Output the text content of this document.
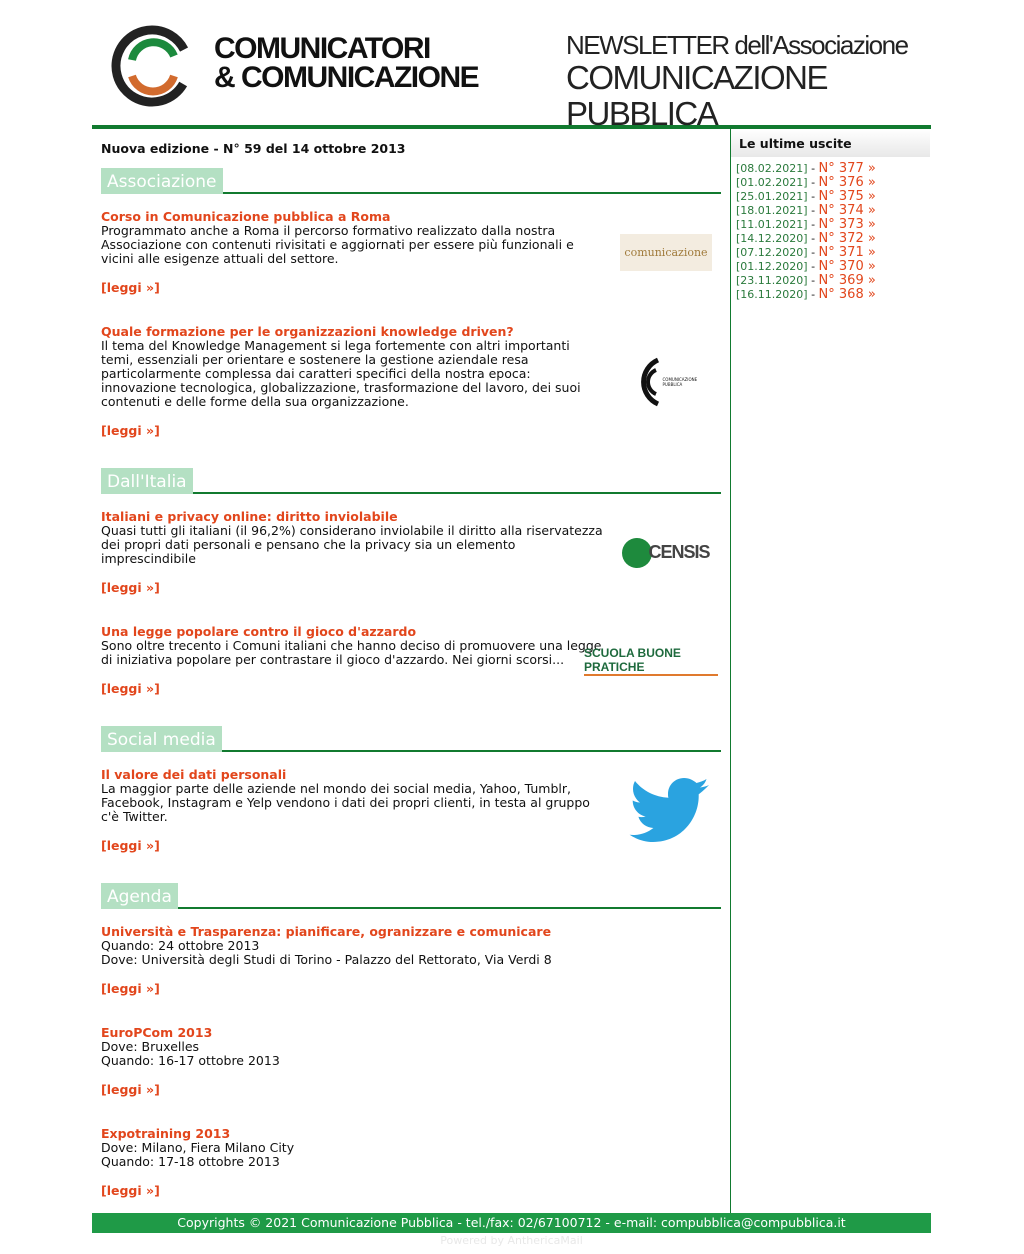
COMUNICATORI
& COMUNICAZIONE
NEWSLETTER dell'Associazione
COMUNICAZIONE PUBBLICA
Nuova edizione - N° 59 del 14 ottobre 2013
Associazione
Corso in Comunicazione pubblica a Roma
Programmato anche a Roma il percorso formativo realizzato dalla nostra Associazione con contenuti rivisitati e aggiornati per essere più funzionali e vicini alle esigenze attuali del settore.
[leggi »]
comunicazione
Quale formazione per le organizzazioni knowledge driven?
Il tema del Knowledge Management si lega fortemente con altri importanti temi, essenziali per orientare e sostenere la gestione aziendale resa particolarmente complessa dai caratteri specifici della nostra epoca: innovazione tecnologica, globalizzazione, trasformazione del lavoro, dei suoi contenuti e delle forme della sua organizzazione.
[leggi »]
COMUNICAZIONE PUBBLICA
Dall'Italia
Italiani e privacy online: diritto inviolabile
Quasi tutti gli italiani (il 96,2%) considerano inviolabile il diritto alla riservatezza dei propri dati personali e pensano che la privacy sia un elemento imprescindibile
[leggi »]
CENSIS
Una legge popolare contro il gioco d'azzardo
Sono oltre trecento i Comuni italiani che hanno deciso di promuovere una legge di iniziativa popolare per contrastare il gioco d'azzardo. Nei giorni scorsi...
[leggi »]
SCUOLA BUONE PRATICHE
Social media
Il valore dei dati personali
La maggior parte delle aziende nel mondo dei social media, Yahoo, Tumblr, Facebook, Instagram e Yelp vendono i dati dei propri clienti, in testa al gruppo c'è Twitter.
[leggi »]
Agenda
Università e Trasparenza: pianificare, ogranizzare e comunicare
Quando: 24 ottobre 2013
Dove: Università degli Studi di Torino - Palazzo del Rettorato, Via Verdi 8
[leggi »]
EuroPCom 2013
Dove: Bruxelles
Quando: 16-17 ottobre 2013
[leggi »]
Expotraining 2013
Dove: Milano, Fiera Milano City
Quando: 17-18 ottobre 2013
[leggi »]
Le ultime uscite
[08.02.2021] - N° 377 »
[01.02.2021] - N° 376 »
[25.01.2021] - N° 375 »
[18.01.2021] - N° 374 »
[11.01.2021] - N° 373 »
[14.12.2020] - N° 372 »
[07.12.2020] - N° 371 »
[01.12.2020] - N° 370 »
[23.11.2020] - N° 369 »
[16.11.2020] - N° 368 »
Copyrights © 2021 Comunicazione Pubblica - tel./fax: 02/67100712 - e-mail: compubblica@compubblica.it
Powered by AnthericaMail
